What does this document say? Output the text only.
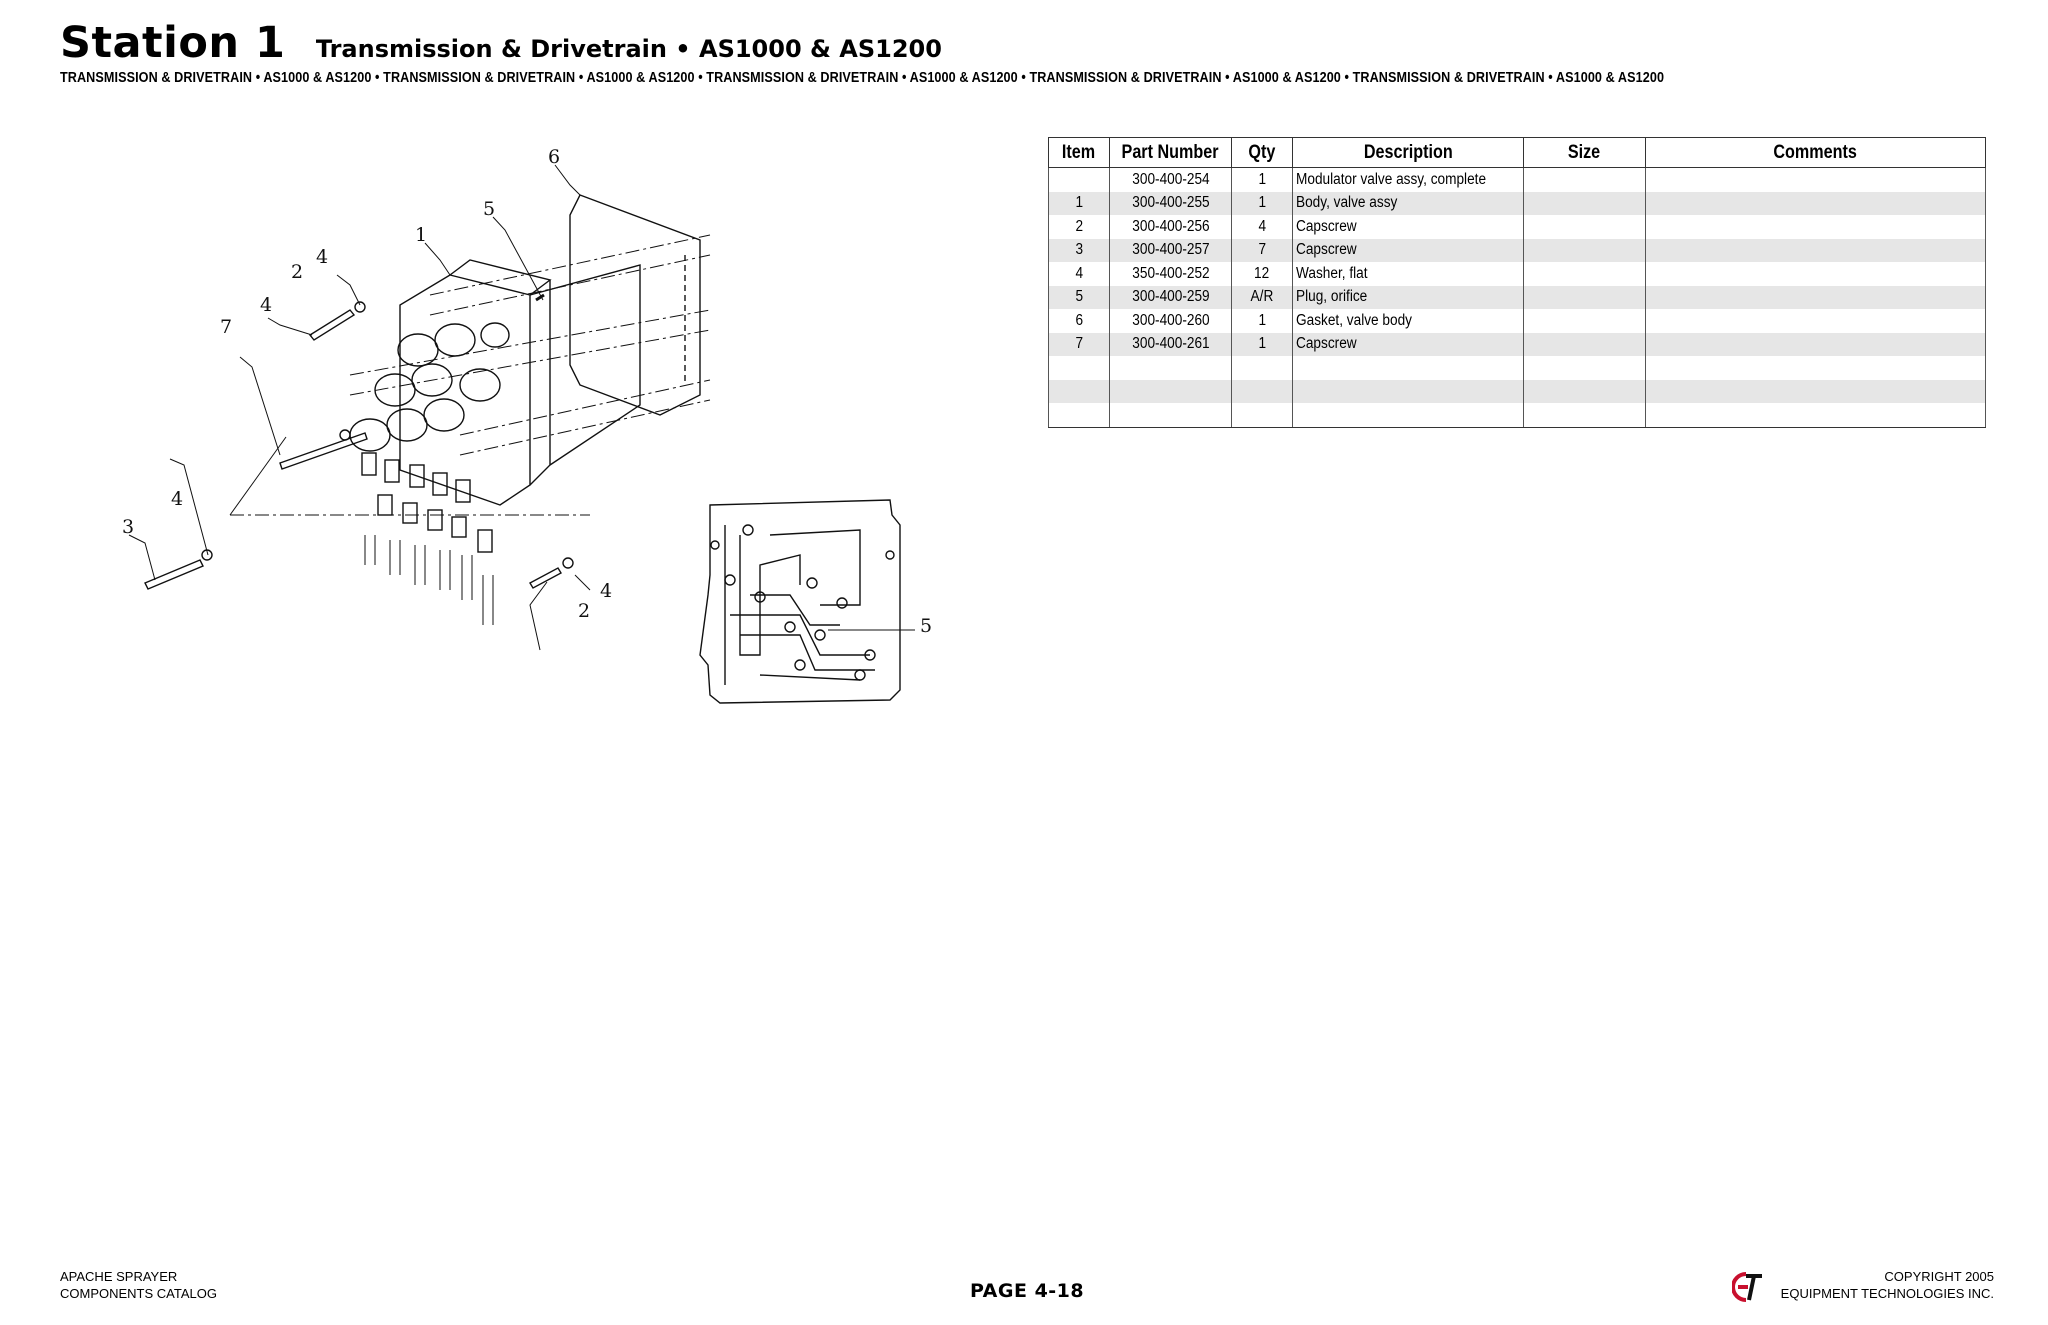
Station 1 Transmission & Drivetrain • AS1000 & AS1200
TRANSMISSION & DRIVETRAIN • AS1000 & AS1200 • TRANSMISSION & DRIVETRAIN • AS1000 & AS1200 • TRANSMISSION & DRIVETRAIN • AS1000 & AS1200 • TRANSMISSION & DRIVETRAIN • AS1000 & AS1200 • TRANSMISSION & DRIVETRAIN • AS1000 & AS1200
6
5
1
4
2
7
4
4
3
4
2
5
Item	Part Number	Qty	Description	Size	Comments
	300-400-254	1	Modulator valve assy, complete		
1	300-400-255	1	Body, valve assy		
2	300-400-256	4	Capscrew		
3	300-400-257	7	Capscrew		
4	350-400-252	12	Washer, flat		
5	300-400-259	A/R	Plug, orifice		
6	300-400-260	1	Gasket, valve body		
7	300-400-261	1	Capscrew		

APACHE SPRAYER
COMPONENTS CATALOG	PAGE 4-18
COPYRIGHT 2005
EQUIPMENT TECHNOLOGIES INC.
